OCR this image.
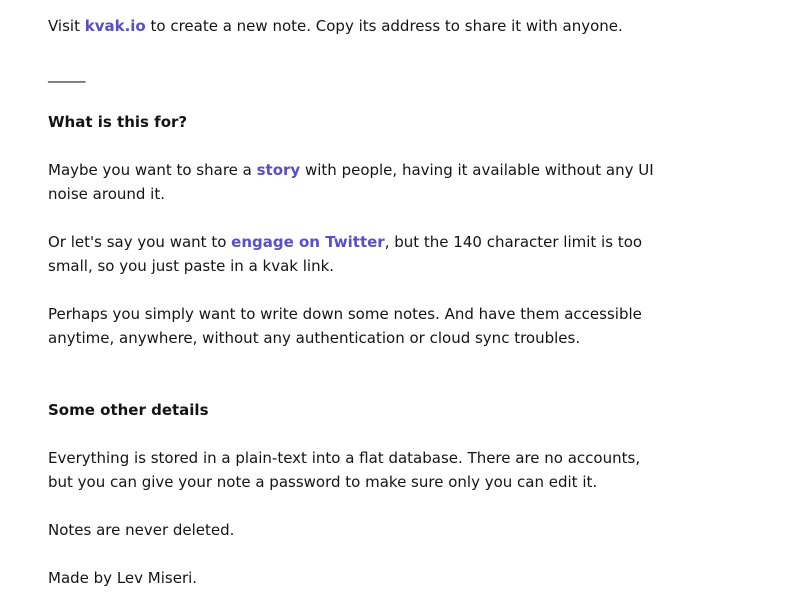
Visit kvak.io to create a new note. Copy its address to share it with anyone.

_____

What is this for?

Maybe you want to share a story with people, having it available without any UI noise around it.

Or let's say you want to engage on Twitter, but the 140 character limit is too small, so you just paste in a kvak link.

Perhaps you simply want to write down some notes. And have them accessible anytime, anywhere, without any authentication or cloud sync troubles.

Some other details

Everything is stored in a plain-text into a flat database. There are no accounts, but you can give your note a password to make sure only you can edit it.

Notes are never deleted.

Made by Lev Miseri.
